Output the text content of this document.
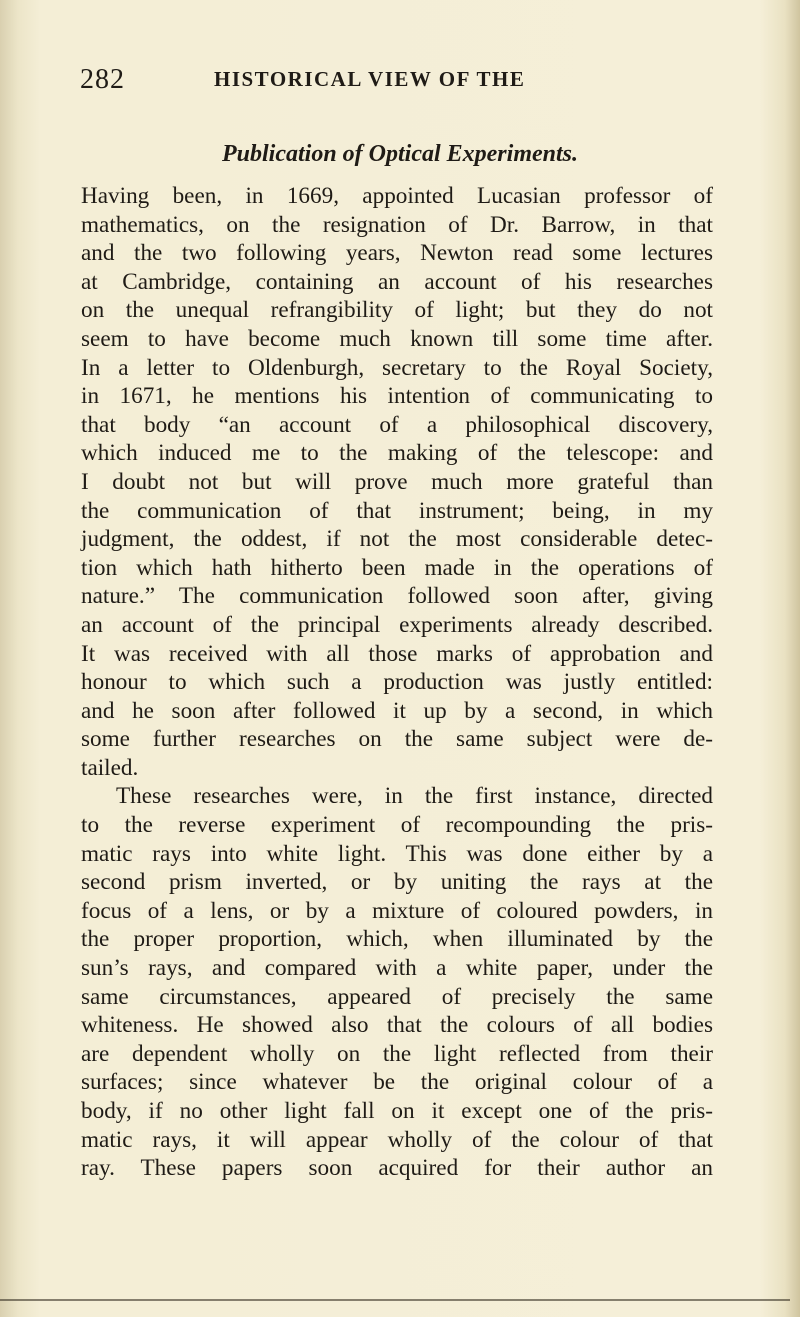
282	HISTORICAL VIEW OF THE
Publication of Optical Experiments.
Having been, in 1669, appointed Lucasian professor of
mathematics, on the resignation of Dr. Barrow, in that
and the two following years, Newton read some lectures
at Cambridge, containing an account of his researches
on the unequal refrangibility of light; but they do not
seem to have become much known till some time after.
In a letter to Oldenburgh, secretary to the Royal Society,
in 1671, he mentions his intention of communicating to
that body “an account of a philosophical discovery,
which induced me to the making of the telescope: and
I doubt not but will prove much more grateful than
the communication of that instrument; being, in my
judgment, the oddest, if not the most considerable detec-
tion which hath hitherto been made in the operations of
nature.” The communication followed soon after, giving
an account of the principal experiments already described.
It was received with all those marks of approbation and
honour to which such a production was justly entitled:
and he soon after followed it up by a second, in which
some further researches on the same subject were de-
tailed.
These researches were, in the first instance, directed
to the reverse experiment of recompounding the pris-
matic rays into white light. This was done either by a
second prism inverted, or by uniting the rays at the
focus of a lens, or by a mixture of coloured powders, in
the proper proportion, which, when illuminated by the
sun’s rays, and compared with a white paper, under the
same circumstances, appeared of precisely the same
whiteness. He showed also that the colours of all bodies
are dependent wholly on the light reflected from their
surfaces; since whatever be the original colour of a
body, if no other light fall on it except one of the pris-
matic rays, it will appear wholly of the colour of that
ray. These papers soon acquired for their author an
